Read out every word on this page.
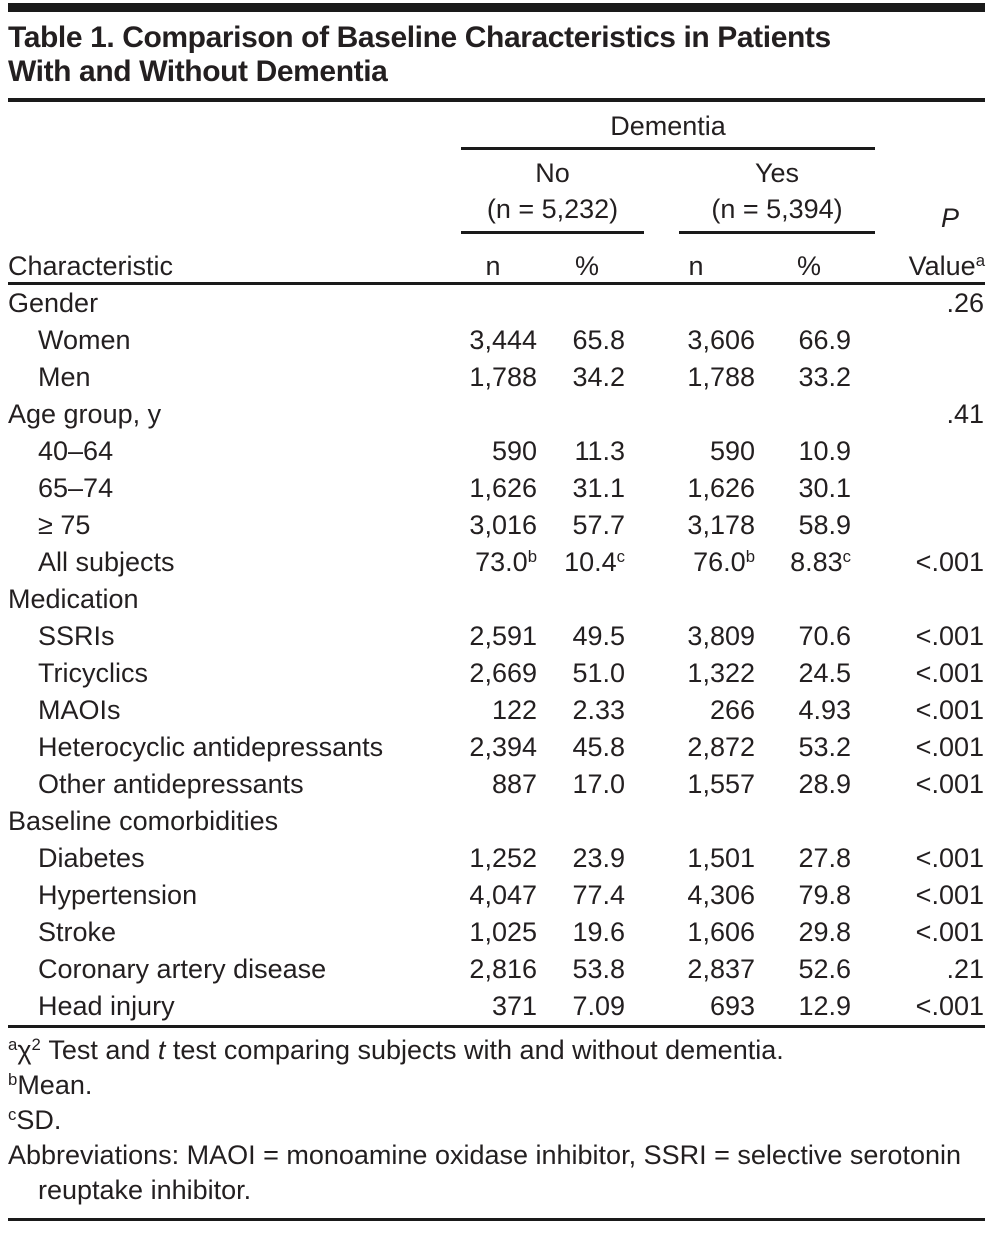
Table 1. Comparison of Baseline Characteristics in Patients
With and Without Dementia

	Dementia				

	No
(n = 5,232)		Yes
(n = 5,394)		P
Characteristic	n	%	n	%	Value$^a$
Gender					.26
Women	3,444	65.8	3,606	66.9	
Men	1,788	34.2	1,788	33.2	
Age group, y					.41
40–64	590	11.3	590	10.9	
65–74	1,626	31.1	1,626	30.1	
≥ 75	3,016	57.7	3,178	58.9	
All subjects	73.0$^b$	10.4$^c$	76.0$^b$	8.83$^c$	<.001
Medication					
SSRIs	2,591	49.5	3,809	70.6	<.001
Tricyclics	2,669	51.0	1,322	24.5	<.001
MAOIs	122	2.33	266	4.93	<.001
Heterocyclic antidepressants	2,394	45.8	2,872	53.2	<.001
Other antidepressants	887	17.0	1,557	28.9	<.001
Baseline comorbidities					
Diabetes	1,252	23.9	1,501	27.8	<.001
Hypertension	4,047	77.4	4,306	79.8	<.001
Stroke	1,025	19.6	1,606	29.8	<.001
Coronary artery disease	2,816	53.8	2,837	52.6	.21
Head injury	371	7.09	693	12.9	<.001

$^a\chi^2$ Test and t test comparing subjects with and without dementia.

$^b$Mean.

$^c$SD.

Abbreviations: MAOI = monoamine oxidase inhibitor, SSRI = selective serotonin reuptake inhibitor.
